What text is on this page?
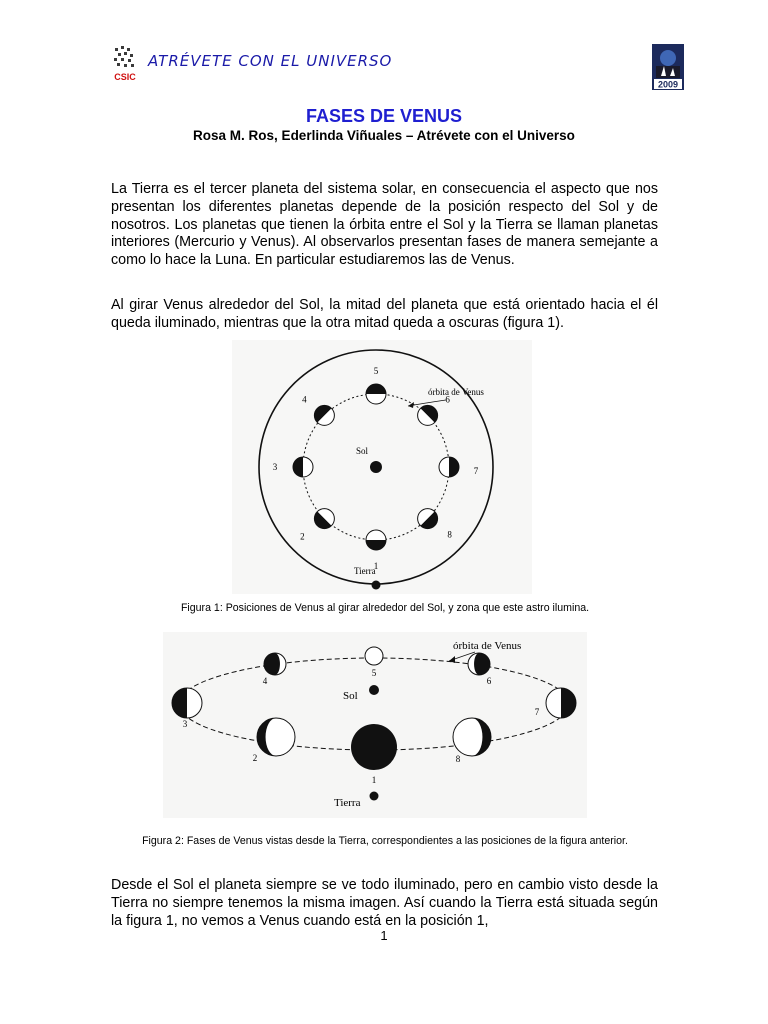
CSIC
ATRÉVETE CON EL UNIVERSO
2009
FASES DE VENUS
Rosa M. Ros, Ederlinda Viñuales – Atrévete con el Universo

La Tierra es el tercer planeta del sistema solar, en consecuencia el aspecto que nos presentan los diferentes planetas depende de la posición respecto del Sol y de nosotros. Los planetas que tienen la órbita entre el Sol y la Tierra se llaman planetas interiores (Mercurio y Venus). Al observarlos presentan fases de manera semejante a como lo hace la Luna. En particular estudiaremos las de Venus.

Al girar Venus alrededor del Sol, la mitad del planeta que está orientado hacia el él queda iluminado, mientras que la otra mitad queda a oscuras (figura 1).

Sol
Tierra
órbita de Venus
1
2
3
4
5
6
7
8
Figura 1: Posiciones de Venus al girar alrededor del Sol, y zona que este astro ilumina.
Sol
Tierra
órbita de Venus
1
2
3
4
5
6
7
8
Figura 2: Fases de Venus vistas desde la Tierra, correspondientes a las posiciones de la figura anterior.

Desde el Sol el planeta siempre se ve todo iluminado, pero en cambio visto desde la Tierra no siempre tenemos la misma imagen. Así cuando la Tierra está situada según la figura 1, no vemos a Venus cuando está en la posición 1,

1
